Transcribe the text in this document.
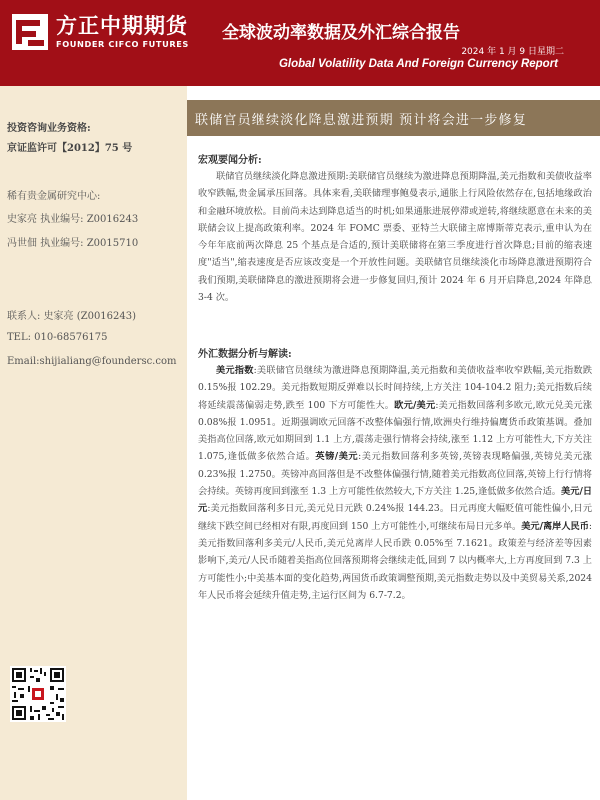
方正中期期货
FOUNDER CIFCO FUTURES
全球波动率数据及外汇综合报告
2024 年 1 月 9 日星期二
Global Volatility Data And Foreign Currency Report
投资咨询业务资格:
京证监许可【2012】75 号
稀有贵金属研究中心:
史家亮 执业编号: Z0016243
冯世佃 执业编号: Z0015710
联系人: 史家亮 (Z0016243)
TEL: 010-68576175
Email:shijialiang@foundersc.com
联储官员继续淡化降息激进预期 预计将会进一步修复
宏观要闻分析:

联储官员继续淡化降息激进预期:美联储官员继续为激进降息预期降温,美元指数和美债收益率收窄跌幅,贵金属承压回落。具体来看,美联储理事鲍曼表示,通胀上行风险依然存在,包括地缘政治和金融环境放松。目前尚未达到降息适当的时机;如果通胀进展停滞或逆转,将继续愿意在未来的美联储会议上提高政策利率。2024 年 FOMC 票委、亚特兰大联储主席博斯蒂克表示,重申认为在今年年底前两次降息 25 个基点是合适的,预计美联储将在第三季度进行首次降息;目前的缩表速度"适当",缩表速度是否应该改变是一个开放性问题。美联储官员继续淡化市场降息激进预期符合我们预期,美联储降息的激进预期将会进一步修复回归,预计 2024 年 6 月开启降息,2024 年降息 3-4 次。

外汇数据分析与解读:

美元指数:美联储官员继续为激进降息预期降温,美元指数和美债收益率收窄跌幅,美元指数跌 0.15%报 102.29。美元指数短期反弹难以长时间持续,上方关注 104-104.2 阻力;美元指数后续将延续震荡偏弱走势,跌至 100 下方可能性大。欧元/美元:美元指数回落利多欧元,欧元兑美元涨 0.08%报 1.0951。近期强调欧元回落不改整体偏强行情,欧洲央行维持偏鹰货币政策基调。叠加美指高位回落,欧元如期回到 1.1 上方,震荡走强行情将会持续,涨至 1.12 上方可能性大,下方关注 1.075,逢低做多依然合适。英镑/美元:美元指数回落利多英镑,英镑表现略偏强,英镑兑美元涨 0.23%报 1.2750。英镑冲高回落但是不改整体偏强行情,随着美元指数高位回落,英镑上行行情将会持续。英镑再度回到涨至 1.3 上方可能性依然较大,下方关注 1.25,逢低做多依然合适。美元/日元:美元指数回落利多日元,美元兑日元跌 0.24%报 144.23。日元再度大幅贬值可能性偏小,日元继续下跌空间已经相对有限,再度回到 150 上方可能性小,可继续布局日元多单。美元/离岸人民币:美元指数回落利多美元/人民币,美元兑离岸人民币跌 0.05%至 7.1621。政策差与经济差等因素影响下,美元/人民币随着美指高位回落预期将会继续走低,回到 7 以内概率大,上方再度回到 7.3 上方可能性小;中美基本面的变化趋势,两国货币政策调整预期,美元指数走势以及中美贸易关系,2024 年人民币将会延续升值走势,主运行区间为 6.7-7.2。
